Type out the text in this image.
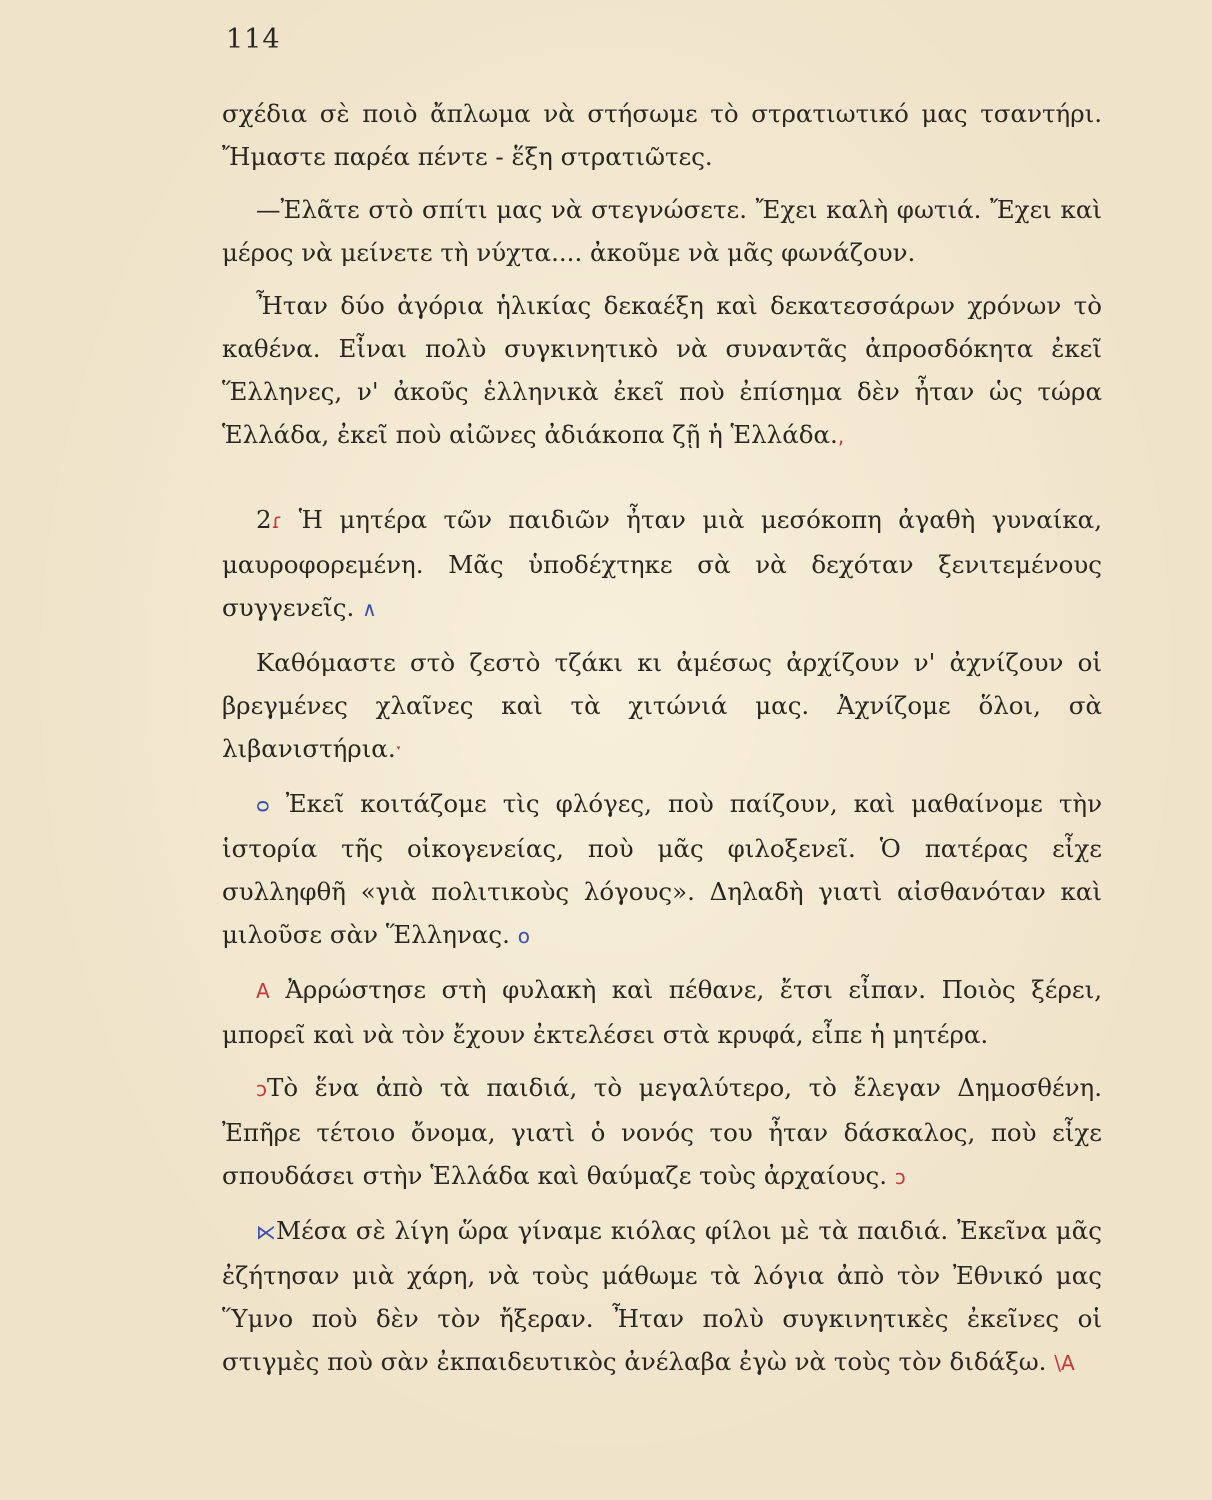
114

σχέδια σὲ ποιὸ ἄπλωμα νὰ στήσωμε τὸ στρατιωτικό μας τσαντήρι. Ἤμαστε παρέα πέντε - ἕξη στρατιῶτες.

—Ἐλᾶτε στὸ σπίτι μας νὰ στεγνώσετε. Ἔχει καλὴ φωτιά. Ἔχει καὶ μέρος νὰ μείνετε τὴ νύχτα.... ἀκοῦμε νὰ μᾶς φωνάζουν.

Ἦταν δύο ἀγόρια ἡλικίας δεκαέξη καὶ δεκατεσσάρων χρόνων τὸ καθένα. Εἶναι πολὺ συγκινητικὸ νὰ συναντᾶς ἀπροσδόκητα ἐκεῖ Ἕλληνες, ν' ἀκοῦς ἑλληνικὰ ἐκεῖ ποὺ ἐπίσημα δὲν ἦταν ὡς τώρα Ἑλλάδα, ἐκεῖ ποὺ αἰῶνες ἀδιάκοπα ζῇ ἡ Ἑλλάδα.,

2ɾ Ἡ μητέρα τῶν παιδιῶν ἦταν μιὰ μεσόκοπη ἀγαθὴ γυναίκα, μαυροφορεμένη. Μᾶς ὑποδέχτηκε σὰ νὰ δεχόταν ξενιτεμένους συγγενεῖς. ∧

Καθόμαστε στὸ ζεστὸ τζάκι κι ἀμέσως ἀρχίζουν ν' ἀχνίζουν οἱ βρεγμένες χλαῖνες καὶ τὰ χιτώνιά μας. Ἀχνίζομε ὅλοι, σὰ λιβανιστήρια.ˑ

ᴑ Ἐκεῖ κοιτάζομε τὶς φλόγες, ποὺ παίζουν, καὶ μαθαίνομε τὴν ἱστορία τῆς οἰκογενείας, ποὺ μᾶς φιλοξενεῖ. Ὁ πατέρας εἶχε συλληφθῆ «γιὰ πολιτικοὺς λόγους». Δηλαδὴ γιατὶ αἰσθανόταν καὶ μιλοῦσε σὰν Ἕλληνας. o

A Ἀρρώστησε στὴ φυλακὴ καὶ πέθανε, ἔτσι εἶπαν. Ποιὸς ξέρει, μπορεῖ καὶ νὰ τὸν ἔχουν ἐκτελέσει στὰ κρυφά, εἶπε ἡ μητέρα.

ᴐΤὸ ἕνα ἀπὸ τὰ παιδιά, τὸ μεγαλύτερο, τὸ ἔλεγαν Δημοσθένη. Ἐπῆρε τέτοιο ὄνομα, γιατὶ ὁ νονός του ἦταν δάσκαλος, ποὺ εἶχε σπουδάσει στὴν Ἑλλάδα καὶ θαύμαζε τοὺς ἀρχαίους. ᴐ

⋉Μέσα σὲ λίγη ὥρα γίναμε κιόλας φίλοι μὲ τὰ παιδιά. Ἐκεῖνα μᾶς ἐζήτησαν μιὰ χάρη, νὰ τοὺς μάθωμε τὰ λόγια ἀπὸ τὸν Ἐθνικό μας Ὕμνο ποὺ δὲν τὸν ἤξεραν. Ἦταν πολὺ συγκινητικὲς ἐκεῖνες οἱ στιγμὲς ποὺ σὰν ἐκπαιδευτικὸς ἀνέλαβα ἐγὼ νὰ τοὺς τὸν διδάξω. \A
